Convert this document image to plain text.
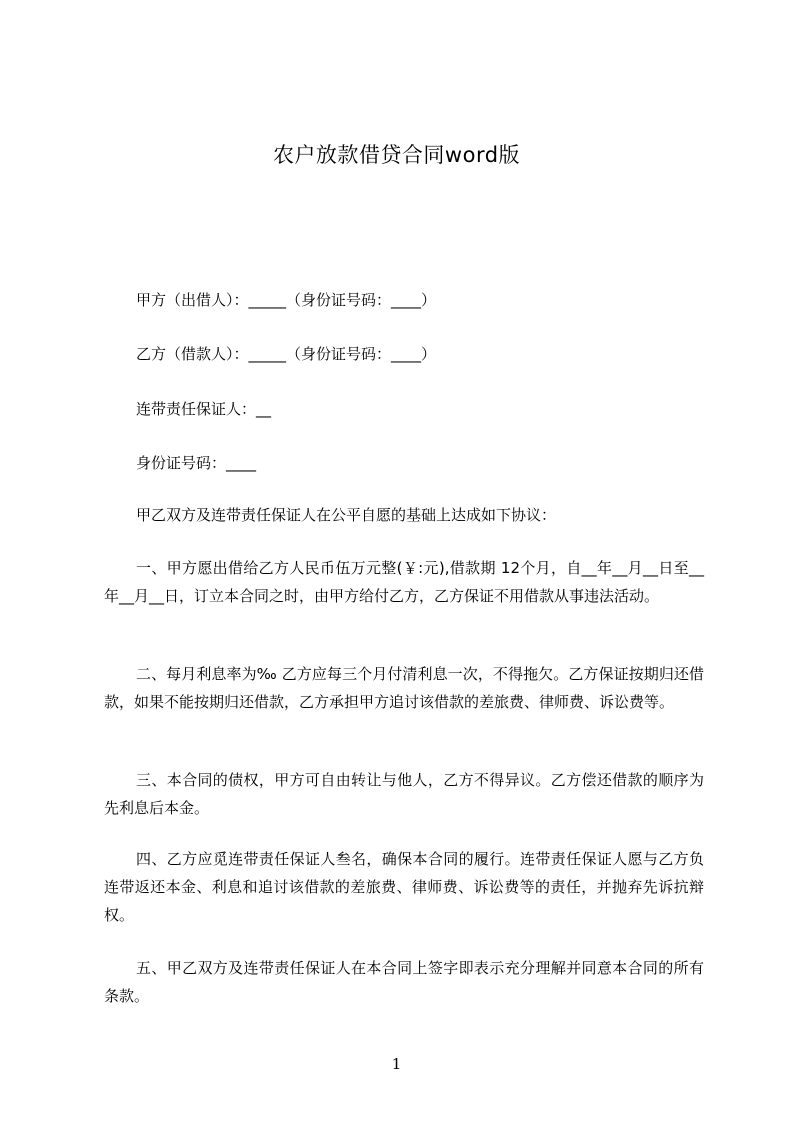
农户放款借贷合同word版
甲方（出借人）：_____（身份证号码：____）
乙方（借款人）：_____（身份证号码：____）
连带责任保证人：__
身份证号码：____
甲乙双方及连带责任保证人在公平自愿的基础上达成如下协议：
一、甲方愿出借给乙方人民币伍万元整(￥:元),借款期 12个月，自__年__月__日至__年__月__日，订立本合同之时，由甲方给付乙方，乙方保证不用借款从事违法活动。
二、每月利息率为‰ 乙方应每三个月付清利息一次，不得拖欠。乙方保证按期归还借款，如果不能按期归还借款，乙方承担甲方追讨该借款的差旅费、律师费、诉讼费等。
三、本合同的债权，甲方可自由转让与他人，乙方不得异议。乙方偿还借款的顺序为先利息后本金。
四、乙方应觅连带责任保证人叁名，确保本合同的履行。连带责任保证人愿与乙方负连带返还本金、利息和追讨该借款的差旅费、律师费、诉讼费等的责任，并抛弃先诉抗辩权。
五、甲乙双方及连带责任保证人在本合同上签字即表示充分理解并同意本合同的所有条款。
1
